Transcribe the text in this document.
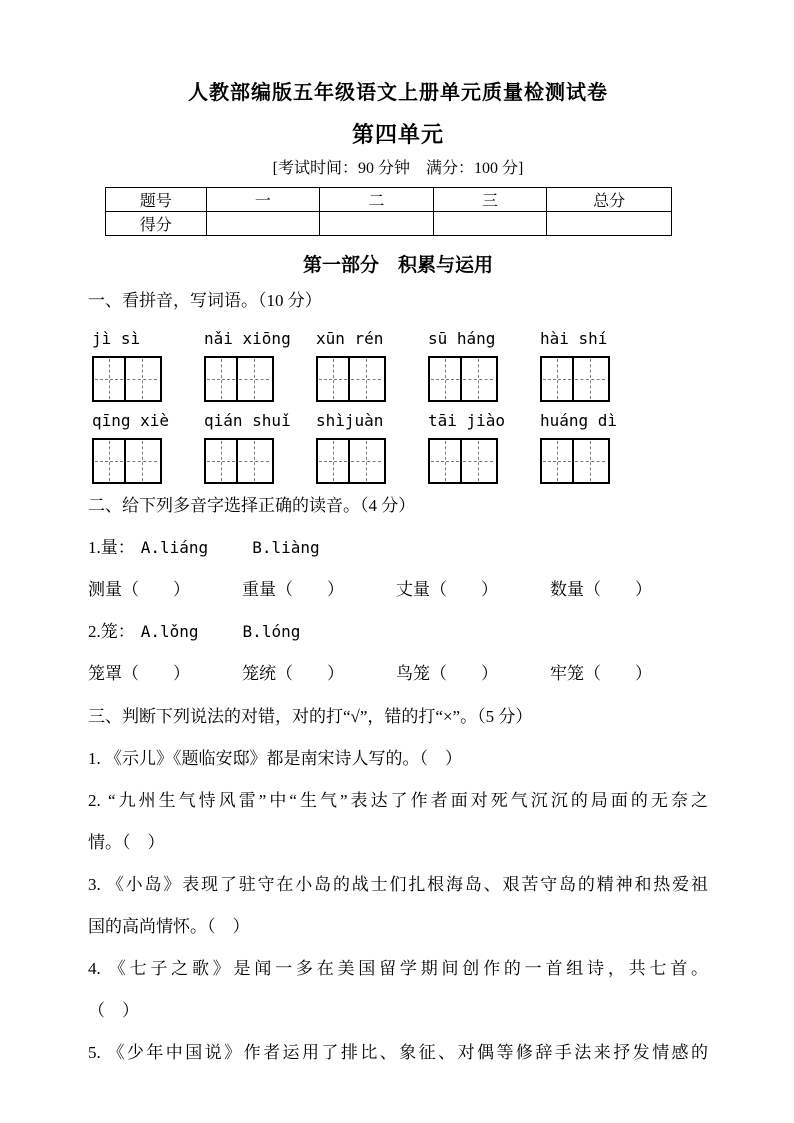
人教部编版五年级语文上册单元质量检测试卷
第四单元
[考试时间：90 分钟　满分：100 分]
题号	一	二	三	总分
得分				
第一部分　积累与运用
一、看拼音，写词语。（10 分）
jì sì	nǎi xiōng	xūn rén	sū háng	hài shí
qīng xiè	qián shuǐ	shìjuàn	tāi jiào	huáng dì
二、给下列多音字选择正确的读音。（4 分）
1.量： A.liáng	B.liàng
测量（　　）	重量（　　）	丈量（　　）	数量（　　）
2.笼： A.lǒng	B.lóng
笼罩（　　）	笼统（　　）	鸟笼（　　）	牢笼（　　）
三、判断下列说法的对错，对的打“√”，错的打“×”。（5 分）
1. 《示儿》《题临安邸》都是南宋诗人写的。（　）
2. “九州生气恃风雷”中“生气”表达了作者面对死气沉沉的局面的无奈之
情。（　）
3. 《小岛》表现了驻守在小岛的战士们扎根海岛、艰苦守岛的精神和热爱祖
国的高尚情怀。（　）
4. 《七子之歌》是闻一多在美国留学期间创作的一首组诗，共七首。
（　）
5. 《少年中国说》作者运用了排比、象征、对偶等修辞手法来抒发情感的
